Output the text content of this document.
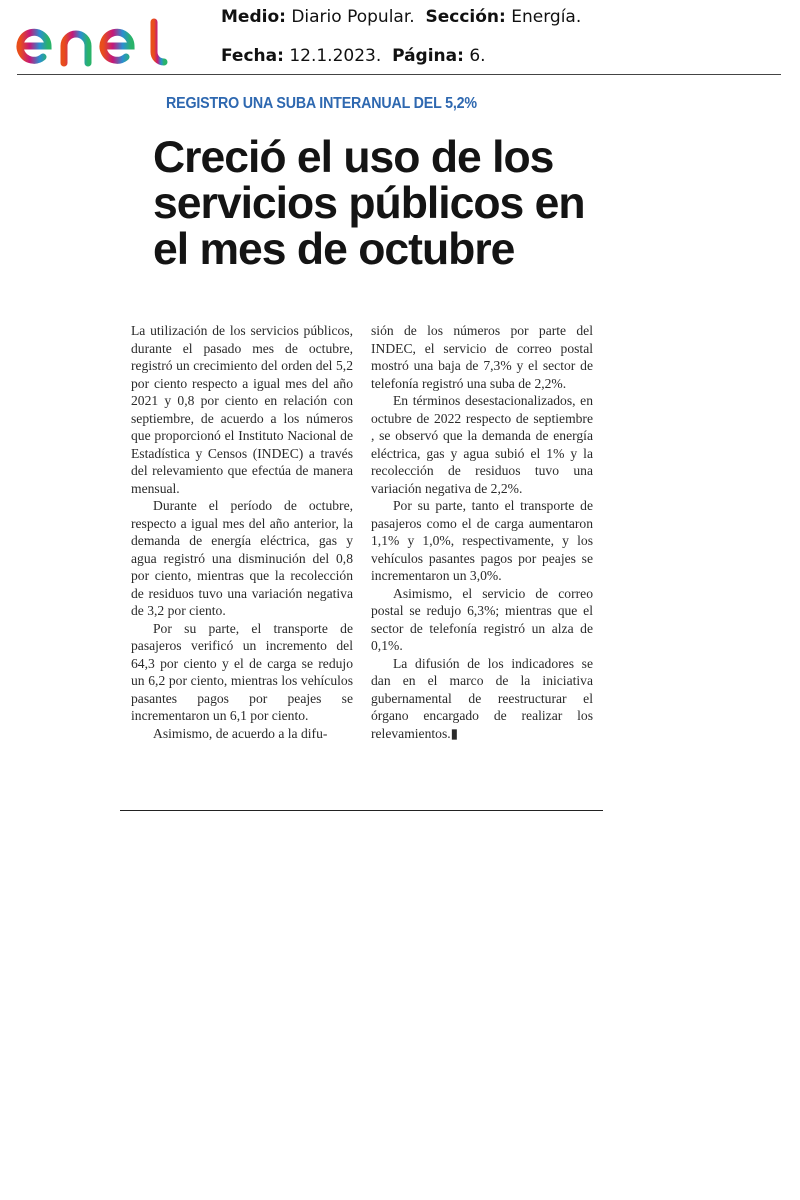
Medio: Diario Popular. Sección: Energía.
Fecha: 12.1.2023. Página: 6.
REGISTRO UNA SUBA INTERANUAL DEL 5,2%
Creció el uso de los
servicios públicos en
el mes de octubre

La utilización de los servicios públicos, durante el pasado mes de octubre, registró un crecimiento del orden del 5,2 por ciento respecto a igual mes del año 2021 y 0,8 por ciento en relación con septiembre, de acuerdo a los números que proporcionó el Instituto Nacional de Estadística y Censos (INDEC) a través del relevamiento que efectúa de manera mensual.

Durante el período de octubre, respecto a igual mes del año anterior, la demanda de energía eléctrica, gas y agua registró una disminución del 0,8 por ciento, mientras que la recolección de residuos tuvo una variación negativa de 3,2 por ciento.

Por su parte, el transporte de pasajeros verificó un incremento del 64,3 por ciento y el de carga se redujo un 6,2 por ciento, mientras los vehículos pasantes pagos por peajes se incrementaron un 6,1 por ciento.

Asimismo, de acuerdo a la difu-

sión de los números por parte del INDEC, el servicio de correo postal mostró una baja de 7,3% y el sector de telefonía registró una suba de 2,2%.

En términos desestacionalizados, en octubre de 2022 respecto de septiembre , se observó que la demanda de energía eléctrica, gas y agua subió el 1% y la recolección de residuos tuvo una variación negativa de 2,2%.

Por su parte, tanto el transporte de pasajeros como el de carga aumentaron 1,1% y 1,0%, respectivamente, y los vehículos pasantes pagos por peajes se incrementaron un 3,0%.

Asimismo, el servicio de correo postal se redujo 6,3%; mientras que el sector de telefonía registró un alza de 0,1%.

La difusión de los indicadores se dan en el marco de la iniciativa gubernamental de reestructurar el órgano encargado de realizar los relevamientos.▮
